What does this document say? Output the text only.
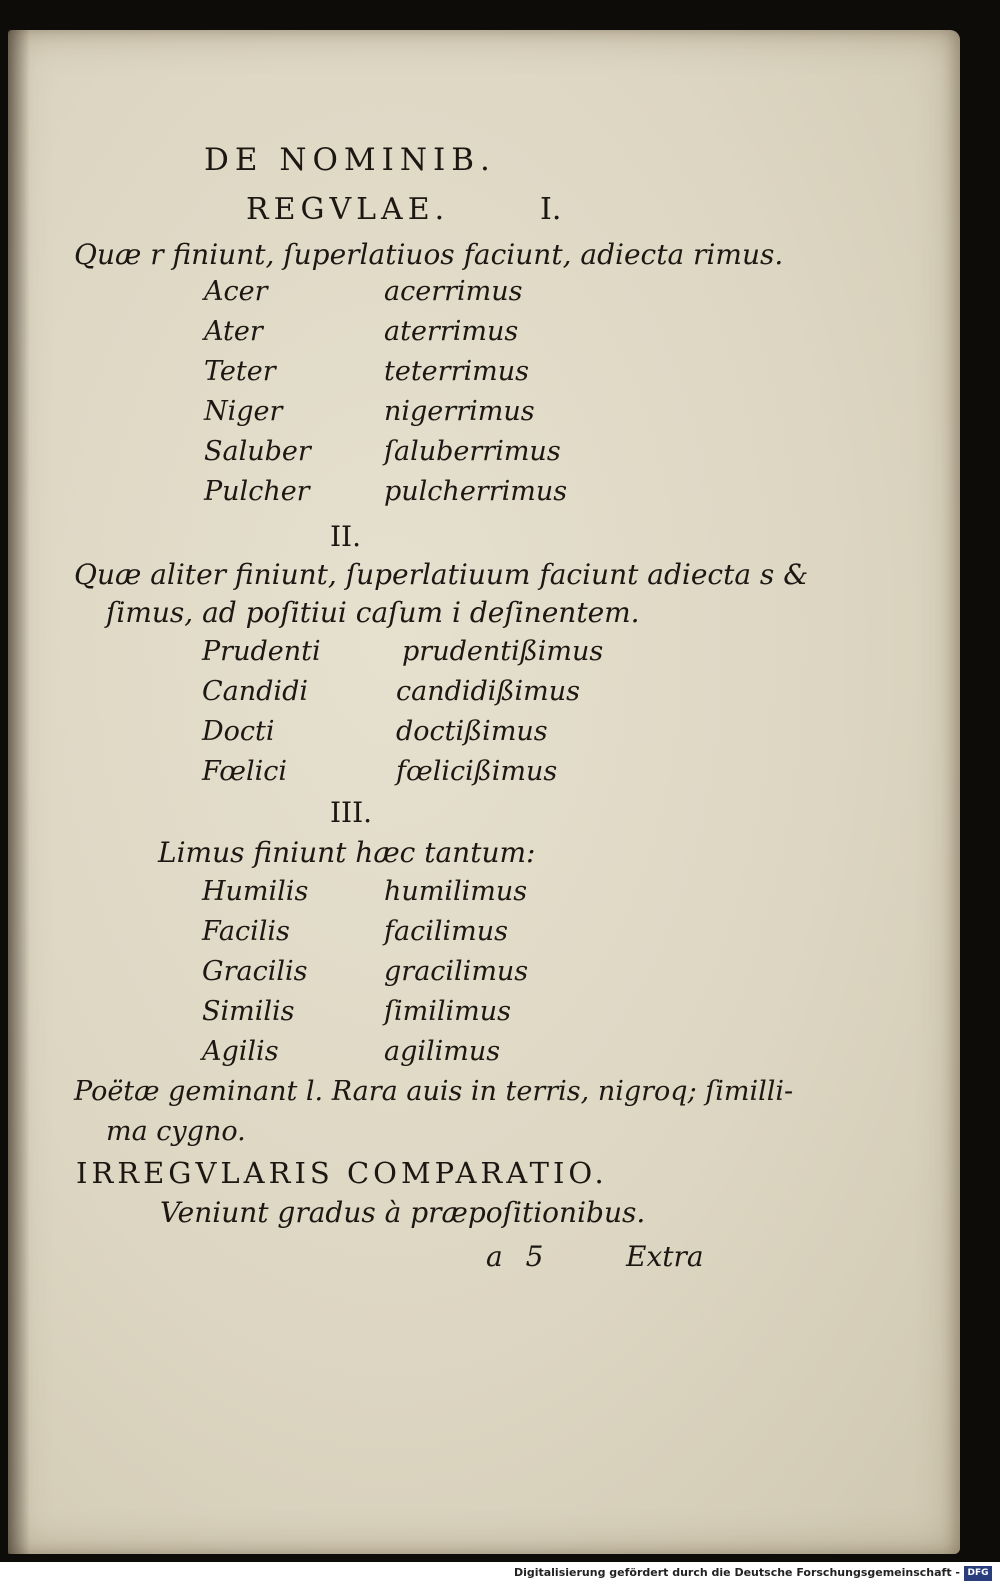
DE NOMINIB.
REGVLAE.	I.
Quæ r finiunt, ſuperlatiuos faciunt, adiecta rimus.
Acer	acerrimus
Ater	aterrimus
Teter	teterrimus
Niger	nigerrimus
Saluber	ſaluberrimus
Pulcher	pulcherrimus
II.
Quæ aliter finiunt, ſuperlatiuum faciunt adiecta s &
ſimus, ad poſitiui caſum i deſinentem.
Prudenti	prudentißimus
Candidi	candidißimus
Docti	doctißimus
Fœlici	fœlicißimus
III.
Limus finiunt hæc tantum:
Humilis	humilimus
Facilis	facilimus
Gracilis	gracilimus
Similis	ſimilimus
Agilis	agilimus
Poëtæ geminant l. Rara auis in terris, nigroq; ſimilli-
ma cygno.
IRREGVLARIS COMPARATIO.
Veniunt gradus à præpoſitionibus.
a 5	Extra
Digitalisierung gefördert durch die Deutsche Forschungsgemeinschaft - DFG
